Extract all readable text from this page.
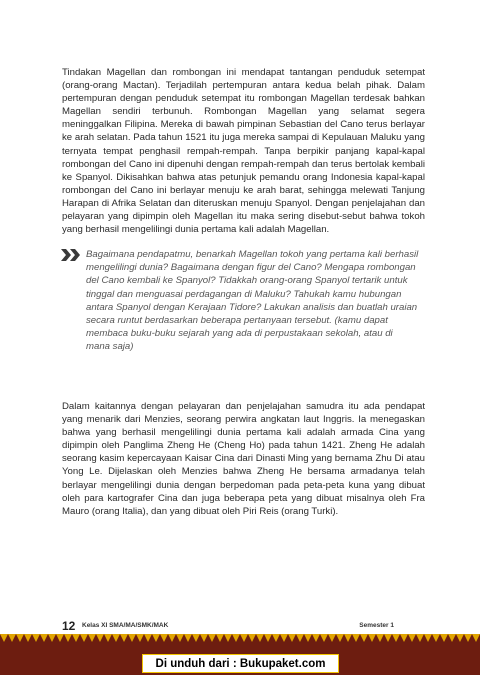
Tindakan Magellan dan rombongan ini mendapat tantangan penduduk setempat (orang-orang Mactan). Terjadilah pertempuran antara kedua belah pihak. Dalam pertempuran dengan penduduk setempat itu rombongan Magellan terdesak bahkan Magellan sendiri terbunuh. Rombongan Magellan yang selamat segera meninggalkan Filipina. Mereka di bawah pimpinan Sebastian del Cano terus berlayar ke arah selatan. Pada tahun 1521 itu juga mereka sampai di Kepulauan Maluku yang ternyata tempat penghasil rempah-rempah. Tanpa berpikir panjang kapal-kapal rombongan del Cano ini dipenuhi dengan rempah-rempah dan terus bertolak kembali ke Spanyol. Dikisahkan bahwa atas petunjuk pemandu orang Indonesia kapal-kapal rombongan del Cano ini berlayar menuju ke arah barat, sehingga melewati Tanjung Harapan di Afrika Selatan dan diteruskan menuju Spanyol. Dengan penjelajahan dan pelayaran yang dipimpin oleh Magellan itu maka sering disebut-sebut bahwa tokoh yang berhasil mengelilingi dunia pertama kali adalah Magellan.

Bagaimana pendapatmu, benarkah Magellan tokoh yang pertama kali berhasil mengelilingi dunia? Bagaimana dengan figur del Cano? Mengapa rombongan del Cano kembali ke Spanyol? Tidakkah orang-orang Spanyol tertarik untuk tinggal dan menguasai perdagangan di Maluku? Tahukah kamu hubungan antara Spanyol dengan Kerajaan Tidore? Lakukan analisis dan buatlah uraian secara runtut berdasarkan beberapa pertanyaan tersebut. (kamu dapat membaca buku-buku sejarah yang ada di perpustakaan sekolah, atau di mana saja)

Dalam kaitannya dengan pelayaran dan penjelajahan samudra itu ada pendapat yang menarik dari Menzies, seorang perwira angkatan laut Inggris. Ia menegaskan bahwa yang berhasil mengelilingi dunia pertama kali adalah armada Cina yang dipimpin oleh Panglima Zheng He (Cheng Ho) pada tahun 1421. Zheng He adalah seorang kasim kepercayaan Kaisar Cina dari Dinasti Ming yang bernama Zhu Di atau Yong Le. Dijelaskan oleh Menzies bahwa Zheng He bersama armadanya telah berlayar mengelilingi dunia dengan berpedoman pada peta-peta kuna yang dibuat oleh para kartografer Cina dan juga beberapa peta yang dibuat misalnya oleh Fra Mauro (orang Italia), dan yang dibuat oleh Piri Reis (orang Turki).

12 Kelas XI SMA/MA/SMK/MAK	Semester 1
Di unduh dari : Bukupaket.com
